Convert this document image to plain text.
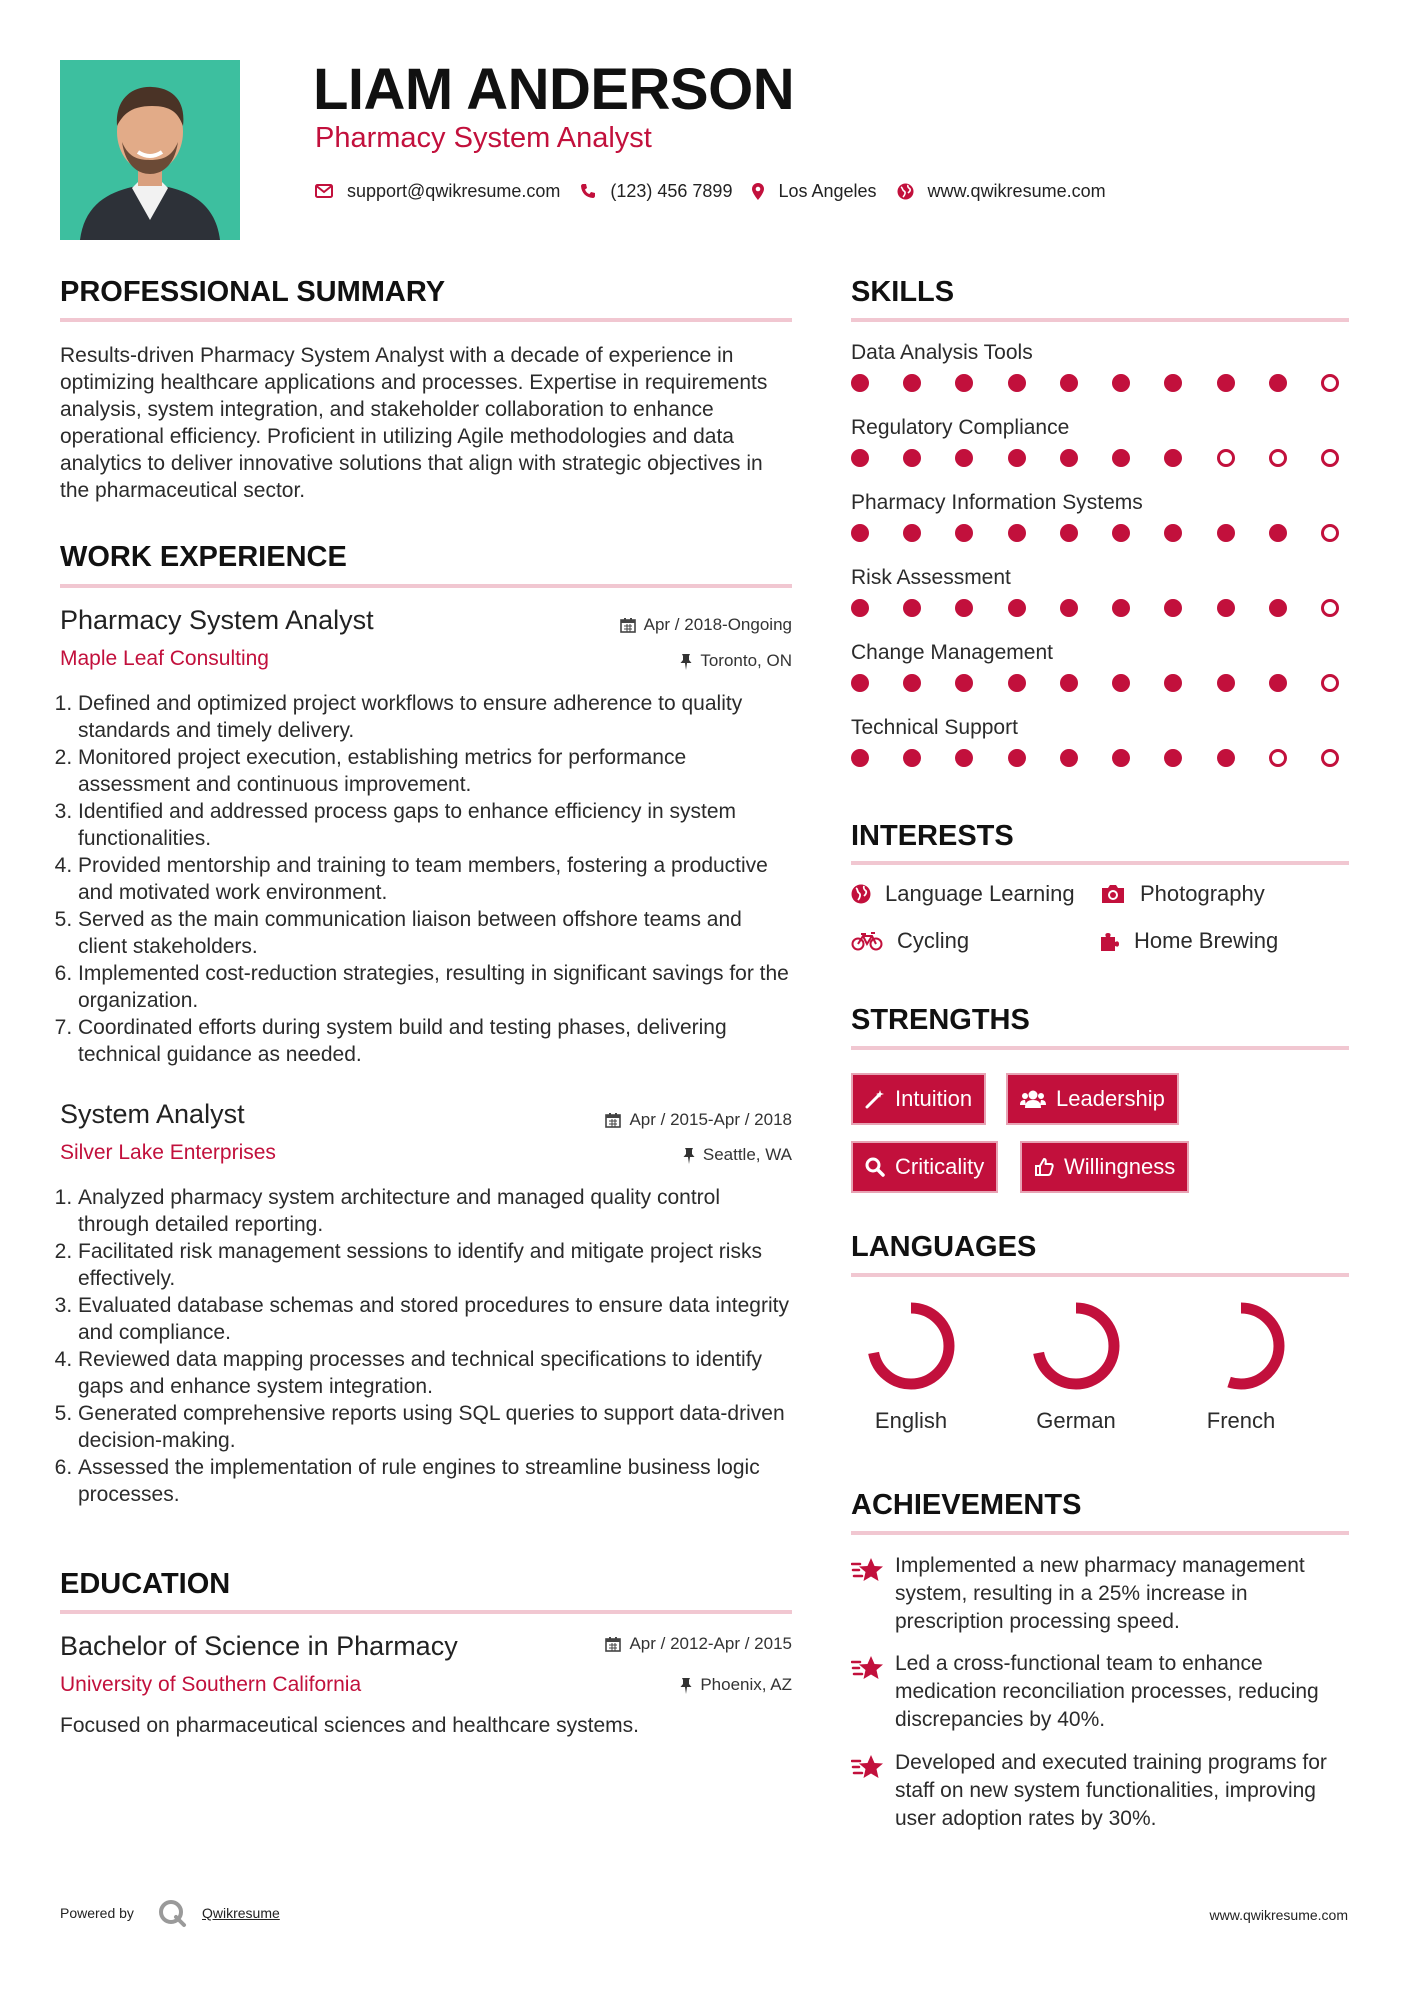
LIAM ANDERSON
Pharmacy System Analyst
support@qwikresume.com	(123) 456 7899	Los Angeles	www.qwikresume.com
PROFESSIONAL SUMMARY
Results-driven Pharmacy System Analyst with a decade of experience in optimizing healthcare applications and processes. Expertise in requirements analysis, system integration, and stakeholder collaboration to enhance operational efficiency. Proficient in utilizing Agile methodologies and data analytics to deliver innovative solutions that align with strategic objectives in the pharmaceutical sector.
WORK EXPERIENCE
Pharmacy System Analyst	Apr / 2018-Ongoing
Maple Leaf Consulting	Toronto, ON
1. Defined and optimized project workflows to ensure adherence to quality standards and timely delivery.
2. Monitored project execution, establishing metrics for performance assessment and continuous improvement.
3. Identified and addressed process gaps to enhance efficiency in system functionalities.
4. Provided mentorship and training to team members, fostering a productive and motivated work environment.
5. Served as the main communication liaison between offshore teams and client stakeholders.
6. Implemented cost-reduction strategies, resulting in significant savings for the organization.
7. Coordinated efforts during system build and testing phases, delivering technical guidance as needed.
System Analyst	Apr / 2015-Apr / 2018
Silver Lake Enterprises	Seattle, WA
1. Analyzed pharmacy system architecture and managed quality control through detailed reporting.
2. Facilitated risk management sessions to identify and mitigate project risks effectively.
3. Evaluated database schemas and stored procedures to ensure data integrity and compliance.
4. Reviewed data mapping processes and technical specifications to identify gaps and enhance system integration.
5. Generated comprehensive reports using SQL queries to support data-driven decision-making.
6. Assessed the implementation of rule engines to streamline business logic processes.
EDUCATION
Bachelor of Science in Pharmacy	Apr / 2012-Apr / 2015
University of Southern California	Phoenix, AZ
Focused on pharmaceutical sciences and healthcare systems.
SKILLS
Data Analysis Tools
Regulatory Compliance
Pharmacy Information Systems
Risk Assessment
Change Management
Technical Support
INTERESTS
Language Learning	Photography
Cycling	Home Brewing
STRENGTHS
Intuition	Leadership
Criticality	Willingness
LANGUAGES
English	German	French
ACHIEVEMENTS
Implemented a new pharmacy management system, resulting in a 25% increase in prescription processing speed.
Led a cross-functional team to enhance medication reconciliation processes, reducing discrepancies by 40%.
Developed and executed training programs for staff on new system functionalities, improving user adoption rates by 30%.
Powered by	Qwikresume	www.qwikresume.com
